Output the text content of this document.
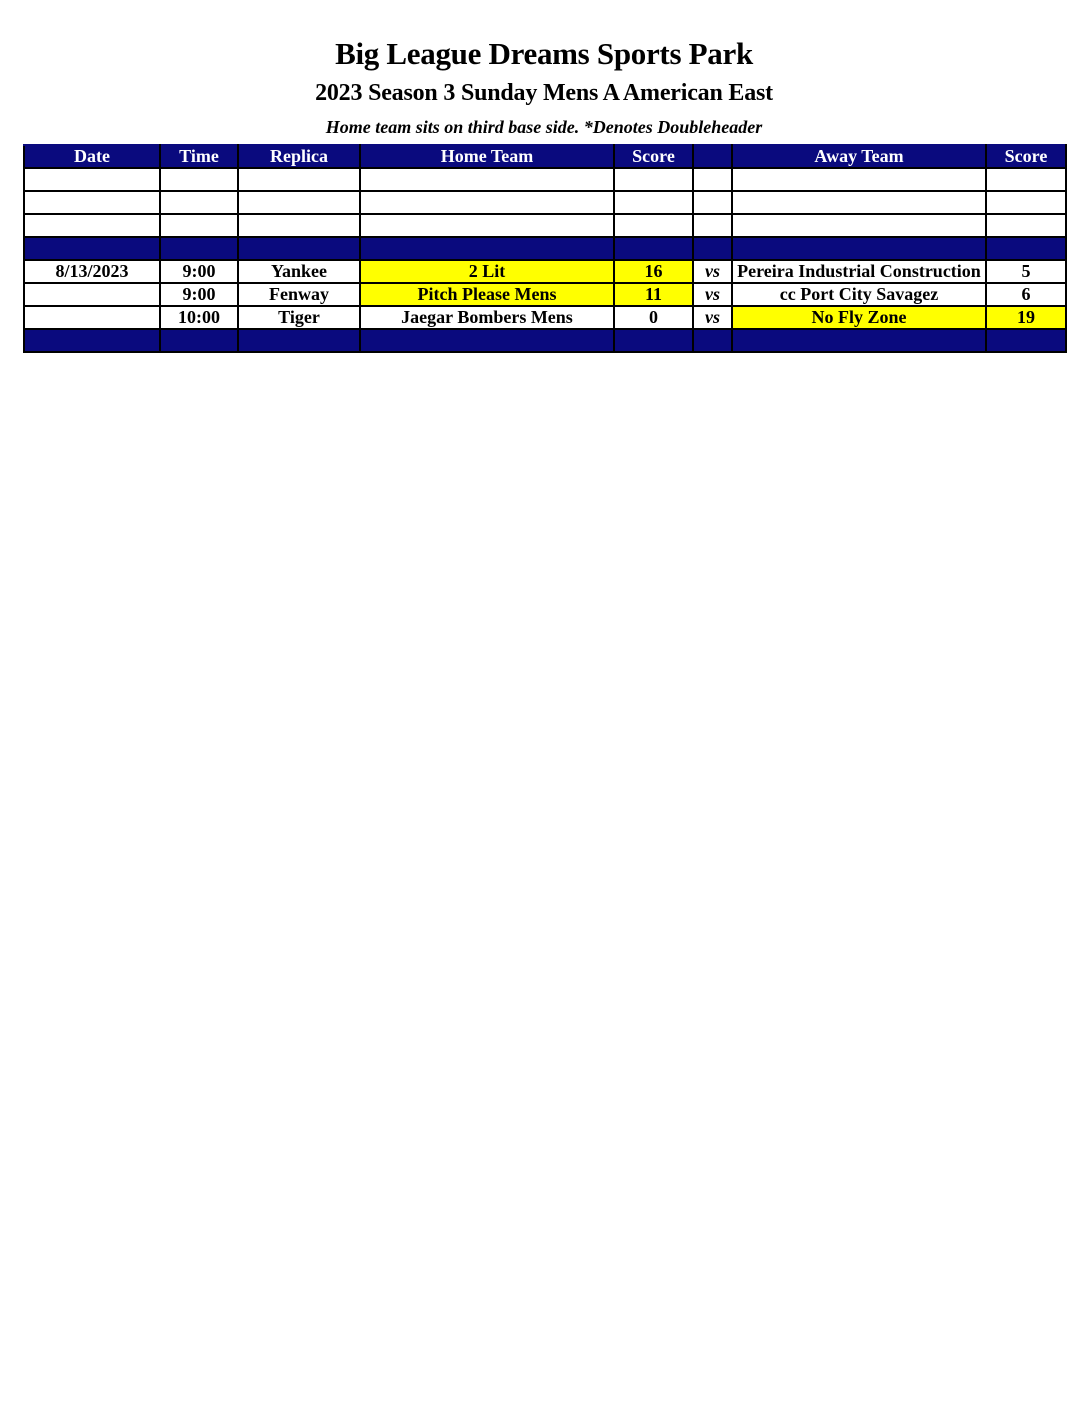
Big League Dreams Sports Park
2023 Season 3 Sunday Mens A American East
Home team sits on third base side. *Denotes Doubleheader
Date	Time	Replica	Home Team	Score		Away Team	Score

8/13/2023	9:00	Yankee	2 Lit	16	vs	Pereira Industrial Construction	5
	9:00	Fenway	Pitch Please Mens	11	vs	cc Port City Savagez	6
	10:00	Tiger	Jaegar Bombers Mens	0	vs	No Fly Zone	19
